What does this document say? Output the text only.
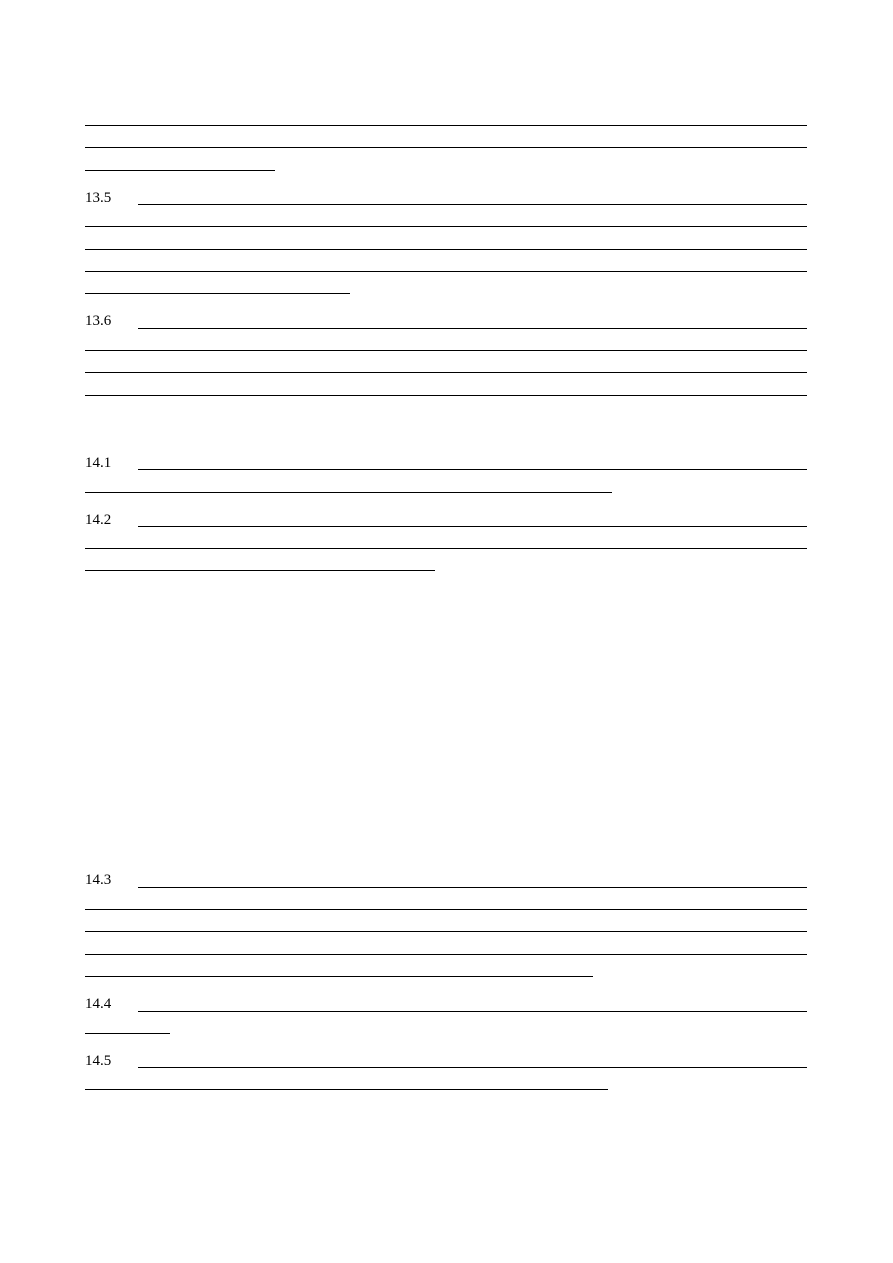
13.5
13.6
14.1
14.2
14.3
14.4
14.5
